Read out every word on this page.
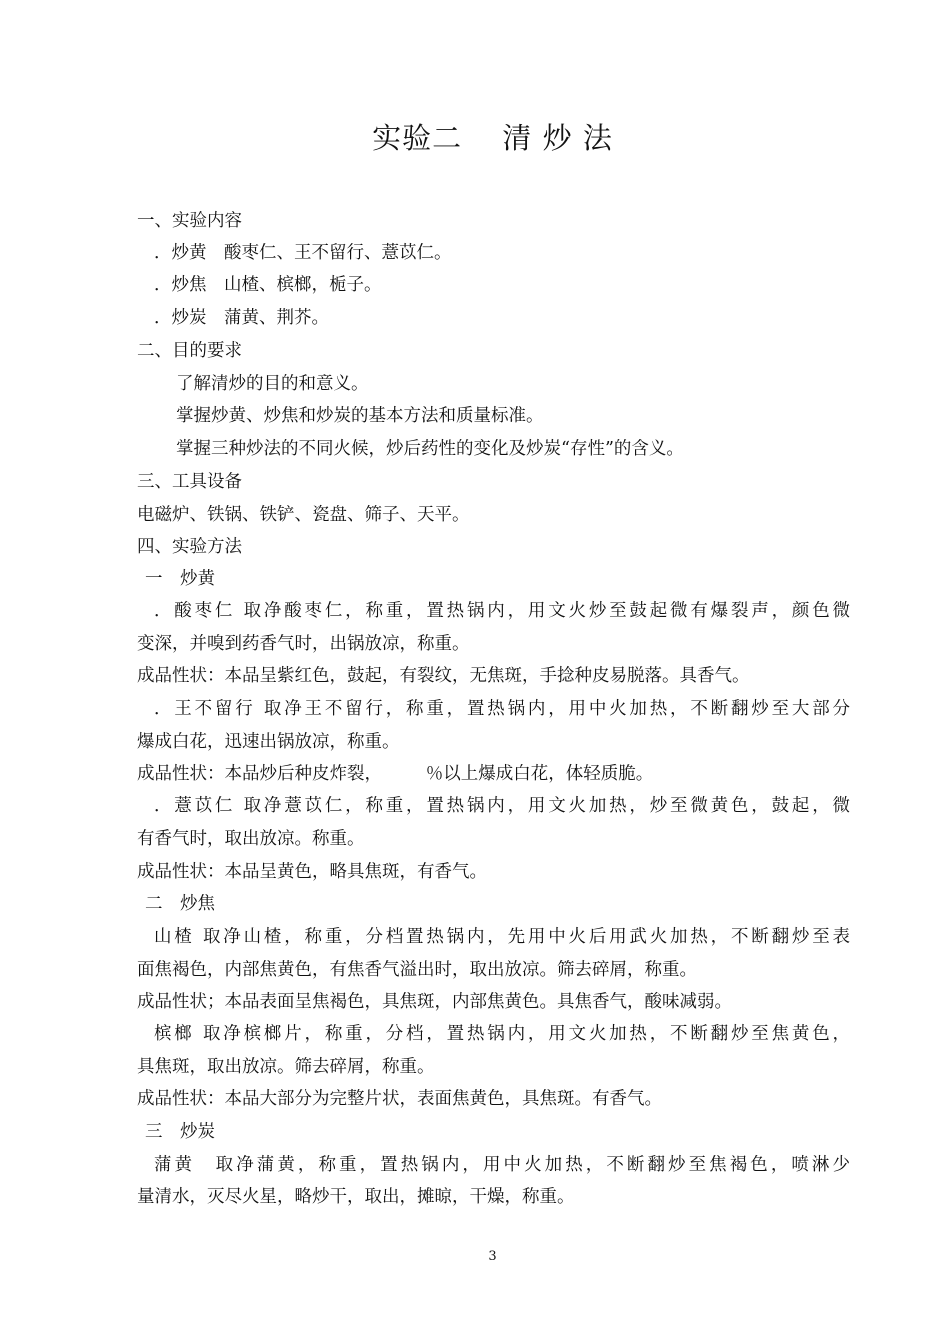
实验二　 清 炒 法
一、实验内容
．炒黄　酸枣仁、王不留行、薏苡仁。
．炒焦　山楂、槟榔，栀子。
．炒炭　蒲黄、荆芥。
二、目的要求
了解清炒的目的和意义。
掌握炒黄、炒焦和炒炭的基本方法和质量标准。
掌握三种炒法的不同火候，炒后药性的变化及炒炭“存性”的含义。
三、工具设备
电磁炉、铁锅、铁铲、瓷盘、筛子、天平。
四、实验方法
一　炒黄
．酸枣仁 取净酸枣仁，称重，置热锅内，用文火炒至鼓起微有爆裂声，颜色微
变深，并嗅到药香气时，出锅放凉，称重。
成品性状：本品呈紫红色，鼓起，有裂纹，无焦斑，手捻种皮易脱落。具香气。
．王不留行 取净王不留行，称重，置热锅内，用中火加热，不断翻炒至大部分
爆成白花，迅速出锅放凉，称重。
成品性状：本品炒后种皮炸裂，　　　％以上爆成白花，体轻质脆。
．薏苡仁 取净薏苡仁，称重，置热锅内，用文火加热，炒至微黄色，鼓起，微
有香气时，取出放凉。称重。
成品性状：本品呈黄色，略具焦斑，有香气。
二　炒焦
山楂 取净山楂，称重，分档置热锅内，先用中火后用武火加热，不断翻炒至表
面焦褐色，内部焦黄色，有焦香气溢出时，取出放凉。筛去碎屑，称重。
成品性状；本品表面呈焦褐色，具焦斑，内部焦黄色。具焦香气，酸味减弱。
槟榔 取净槟榔片，称重，分档，置热锅内，用文火加热，不断翻炒至焦黄色，
具焦斑，取出放凉。筛去碎屑，称重。
成品性状：本品大部分为完整片状，表面焦黄色，具焦斑。有香气。
三　炒炭
蒲黄　取净蒲黄，称重，置热锅内，用中火加热，不断翻炒至焦褐色，喷淋少
量清水，灭尽火星，略炒干，取出，摊晾，干燥，称重。
3
